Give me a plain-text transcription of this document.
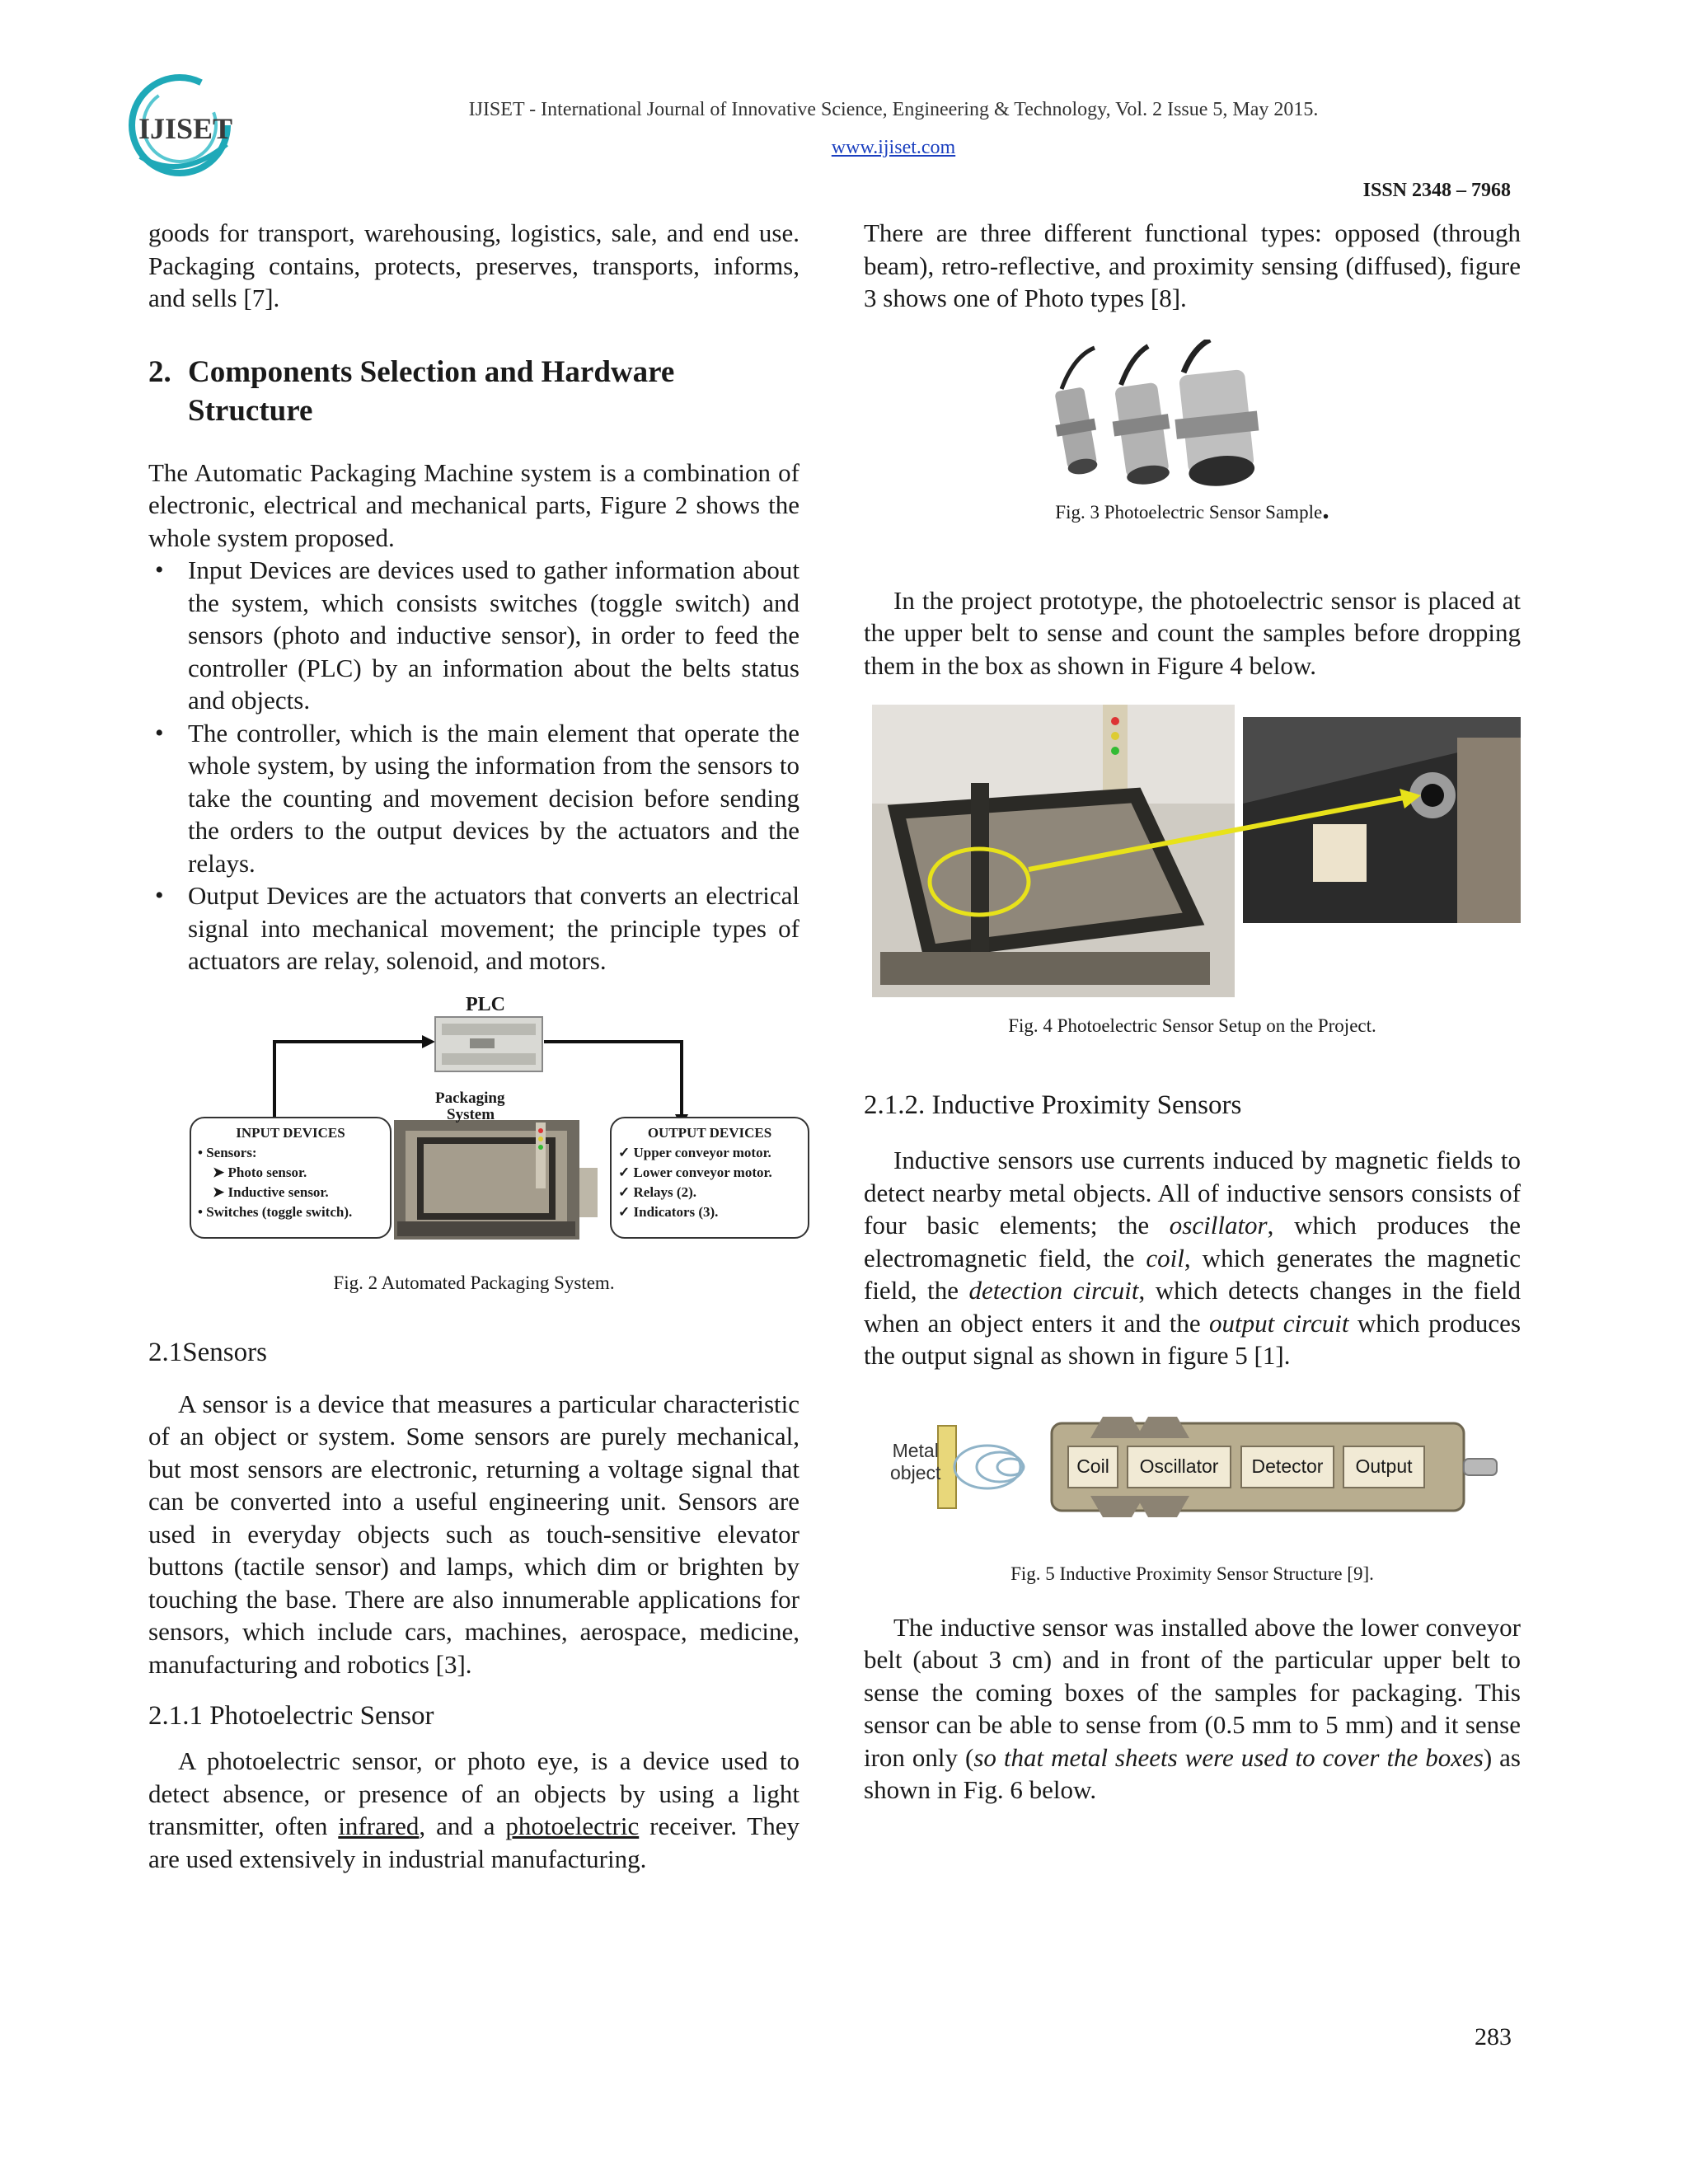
IJISET
IJISET - International Journal of Innovative Science, Engineering & Technology, Vol. 2 Issue 5, May 2015.
www.ijiset.com
ISSN 2348 – 7968

goods for transport, warehousing, logistics, sale, and end use. Packaging contains, protects, preserves, transports, informs, and sells [7].

2. Components Selection and Hardware Structure

The Automatic Packaging Machine system is a combination of electronic, electrical and mechanical parts, Figure 2 shows the whole system proposed.

• Input Devices are devices used to gather information about the system, which consists switches (toggle switch) and sensors (photo and inductive sensor), in order to feed the controller (PLC) by an information about the belts status and objects.
• The controller, which is the main element that operate the whole system, by using the information from the sensors to take the counting and movement decision before sending the orders to the output devices by the actuators and the relays.
• Output Devices are the actuators that converts an electrical signal into mechanical movement; the principle types of actuators are relay, solenoid, and motors.
PLC
Packaging
System
INPUT DEVICES
• Sensors:
➤ Photo sensor.
➤ Inductive sensor.
• Switches (toggle switch).
OUTPUT DEVICES
✓ Upper conveyor motor.
✓ Lower conveyor motor.
✓ Relays (2).
✓ Indicators (3).

Fig. 2 Automated Packaging System.

2.1Sensors

A sensor is a device that measures a particular characteristic of an object or system. Some sensors are purely mechanical, but most sensors are electronic, returning a voltage signal that can be converted into a useful engineering unit. Sensors are used in everyday objects such as touch-sensitive elevator buttons (tactile sensor) and lamps, which dim or brighten by touching the base. There are also innumerable applications for sensors, which include cars, machines, aerospace, medicine, manufacturing and robotics [3].

2.1.1 Photoelectric Sensor

A photoelectric sensor, or photo eye, is a device used to detect absence, or presence of an objects by using a light transmitter, often infrared, and a photoelectric receiver. They are used extensively in industrial manufacturing.

There are three different functional types: opposed (through beam), retro-reflective, and proximity sensing (diffused), figure 3 shows one of Photo types [8].

Fig. 3 Photoelectric Sensor Sample.

In the project prototype, the photoelectric sensor is placed at the upper belt to sense and count the samples before dropping them in the box as shown in Figure 4 below.

Fig. 4 Photoelectric Sensor Setup on the Project.

2.1.2. Inductive Proximity Sensors

Inductive sensors use currents induced by magnetic fields to detect nearby metal objects. All of inductive sensors consists of four basic elements; the oscillator, which produces the electromagnetic field, the coil, which generates the magnetic field, the detection circuit, which detects changes in the field when an object enters it and the output circuit which produces the output signal as shown in figure 5 [1].

Metal
object	Coil	Oscillator	Detector	Output

Fig. 5 Inductive Proximity Sensor Structure [9].

The inductive sensor was installed above the lower conveyor belt (about 3 cm) and in front of the particular upper belt to sense the coming boxes of the samples for packaging. This sensor can be able to sense from (0.5 mm to 5 mm) and it sense iron only (so that metal sheets were used to cover the boxes) as shown in Fig. 6 below.

283
